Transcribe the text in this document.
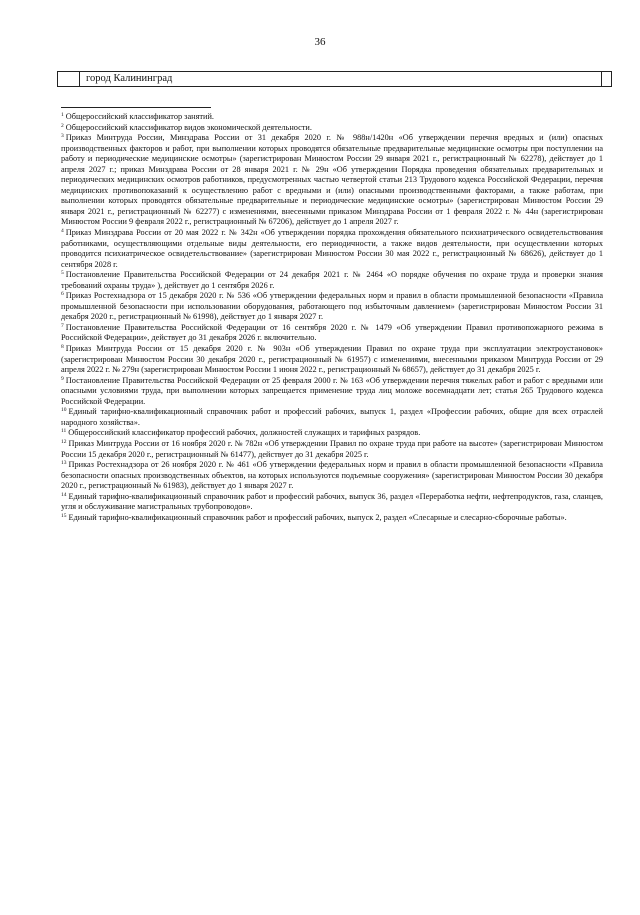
36
город Калининград

$^1$ Общероссийский классификатор занятий.

$^2$ Общероссийский классификатор видов экономической деятельности.

$^3$ Приказ Минтруда России, Минздрава России от 31 декабря 2020 г. № 988н/1420н «Об утверждении перечня вредных и (или) опасных производственных факторов и работ, при выполнении которых проводятся обязательные предварительные медицинские осмотры при поступлении на работу и периодические медицинские осмотры» (зарегистрирован Минюстом России 29 января 2021 г., регистрационный № 62278), действует до 1 апреля 2027 г.; приказ Минздрава России от 28 января 2021 г. № 29н «Об утверждении Порядка проведения обязательных предварительных и периодических медицинских осмотров работников, предусмотренных частью четвертой статьи 213 Трудового кодекса Российской Федерации, перечня медицинских противопоказаний к осуществлению работ с вредными и (или) опасными производственными факторами, а также работам, при выполнении которых проводятся обязательные предварительные и периодические медицинские осмотры» (зарегистрирован Минюстом России 29 января 2021 г., регистрационный № 62277) с изменениями, внесенными приказом Минздрава России от 1 февраля 2022 г. № 44н (зарегистрирован Минюстом России 9 февраля 2022 г., регистрационный № 67206), действует до 1 апреля 2027 г.

$^4$ Приказ Минздрава России от 20 мая 2022 г. № 342н «Об утверждении порядка прохождения обязательного психиатрического освидетельствования работниками, осуществляющими отдельные виды деятельности, его периодичности, а также видов деятельности, при осуществлении которых проводится психиатрическое освидетельствование» (зарегистрирован Минюстом России 30 мая 2022 г., регистрационный № 68626), действует до 1 сентября 2028 г.

$^5$ Постановление Правительства Российской Федерации от 24 декабря 2021 г. № 2464 «О порядке обучения по охране труда и проверки знания требований охраны труда» ), действует до 1 сентября 2026 г.

$^6$ Приказ Ростехнадзора от 15 декабря 2020 г. № 536 «Об утверждении федеральных норм и правил в области промышленной безопасности «Правила промышленной безопасности при использовании оборудования, работающего под избыточным давлением» (зарегистрирован Минюстом России 31 декабря 2020 г., регистрационный № 61998), действует до 1 января 2027 г.

$^7$ Постановление Правительства Российской Федерации от 16 сентября 2020 г. № 1479 «Об утверждении Правил противопожарного режима в Российской Федерации», действует до 31 декабря 2026 г. включительно.

$^8$ Приказ Минтруда России от 15 декабря 2020 г. № 903н «Об утверждении Правил по охране труда при эксплуатации электроустановок» (зарегистрирован Минюстом России 30 декабря 2020 г., регистрационный № 61957) с изменениями, внесенными приказом Минтруда России от 29 апреля 2022 г. № 279н (зарегистрирован Минюстом России 1 июня 2022 г., регистрационный № 68657), действует до 31 декабря 2025 г.

$^9$ Постановление Правительства Российской Федерации от 25 февраля 2000 г. № 163 «Об утверждении перечня тяжелых работ и работ с вредными или опасными условиями труда, при выполнении которых запрещается применение труда лиц моложе восемнадцати лет; статья 265 Трудового кодекса Российской Федерации.

$^{10}$ Единый тарифно-квалификационный справочник работ и профессий рабочих, выпуск 1, раздел «Профессии рабочих, общие для всех отраслей народного хозяйства».

$^{11}$ Общероссийский классификатор профессий рабочих, должностей служащих и тарифных разрядов.

$^{12}$ Приказ Минтруда России от 16 ноября 2020 г. № 782н «Об утверждении Правил по охране труда при работе на высоте» (зарегистрирован Минюстом России 15 декабря 2020 г., регистрационный № 61477), действует до 31 декабря 2025 г.

$^{13}$ Приказ Ростехнадзора от 26 ноября 2020 г. № 461 «Об утверждении федеральных норм и правил в области промышленной безопасности «Правила безопасности опасных производственных объектов, на которых используются подъемные сооружения» (зарегистрирован Минюстом России 30 декабря 2020 г., регистрационный № 61983), действует до 1 января 2027 г.

$^{14}$ Единый тарифно-квалификационный справочник работ и профессий рабочих, выпуск 36, раздел «Переработка нефти, нефтепродуктов, газа, сланцев, угля и обслуживание магистральных трубопроводов».

$^{15}$ Единый тарифно-квалификационный справочник работ и профессий рабочих, выпуск 2, раздел «Слесарные и слесарно-сборочные работы».
